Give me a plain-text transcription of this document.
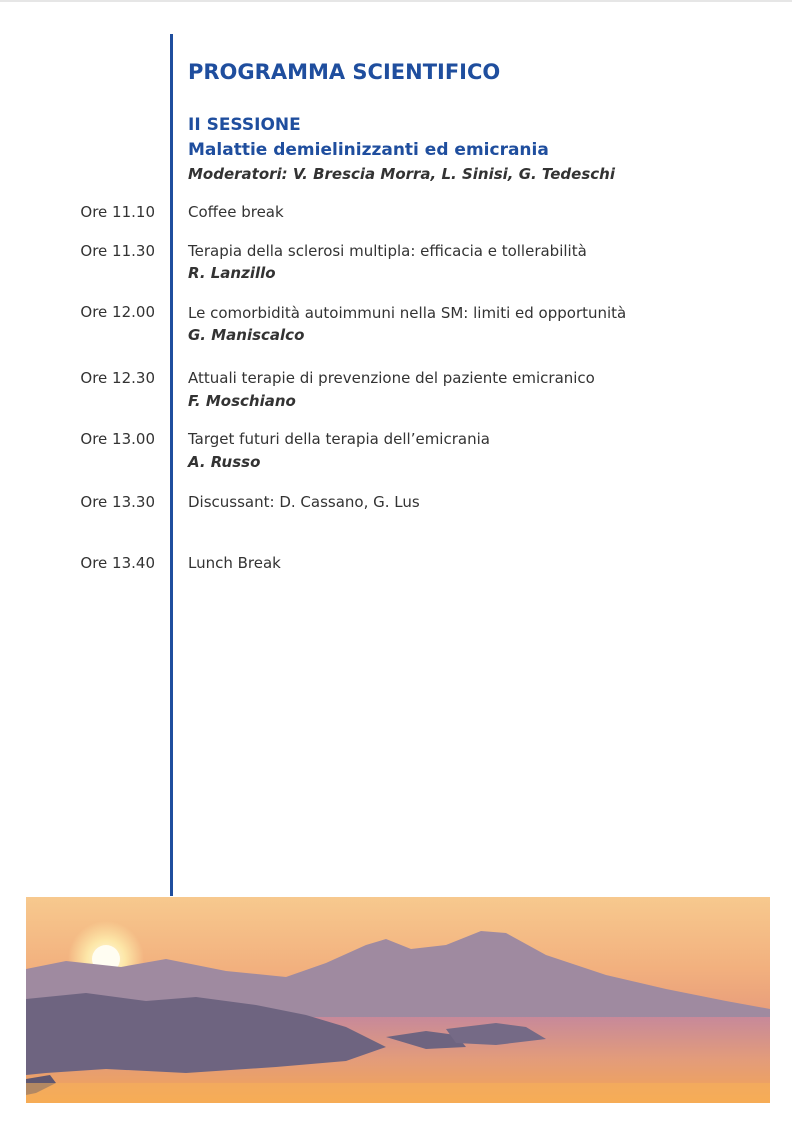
PROGRAMMA SCIENTIFICO
II SESSIONE
Malattie demielinizzanti ed emicrania
Moderatori: V. Brescia Morra, L. Sinisi, G. Tedeschi
Ore 11.10 Coffee break
Ore 11.30 Terapia della sclerosi multipla: efficacia e tollerabilità
R. Lanzillo
Ore 12.00 Le comorbidità autoimmuni nella SM: limiti ed opportunità
G. Maniscalco
Ore 12.30 Attuali terapie di prevenzione del paziente emicranico
F. Moschiano
Ore 13.00 Target futuri della terapia dell’emicrania
A. Russo
Ore 13.30 Discussant: D. Cassano, G. Lus
Ore 13.40 Lunch Break
